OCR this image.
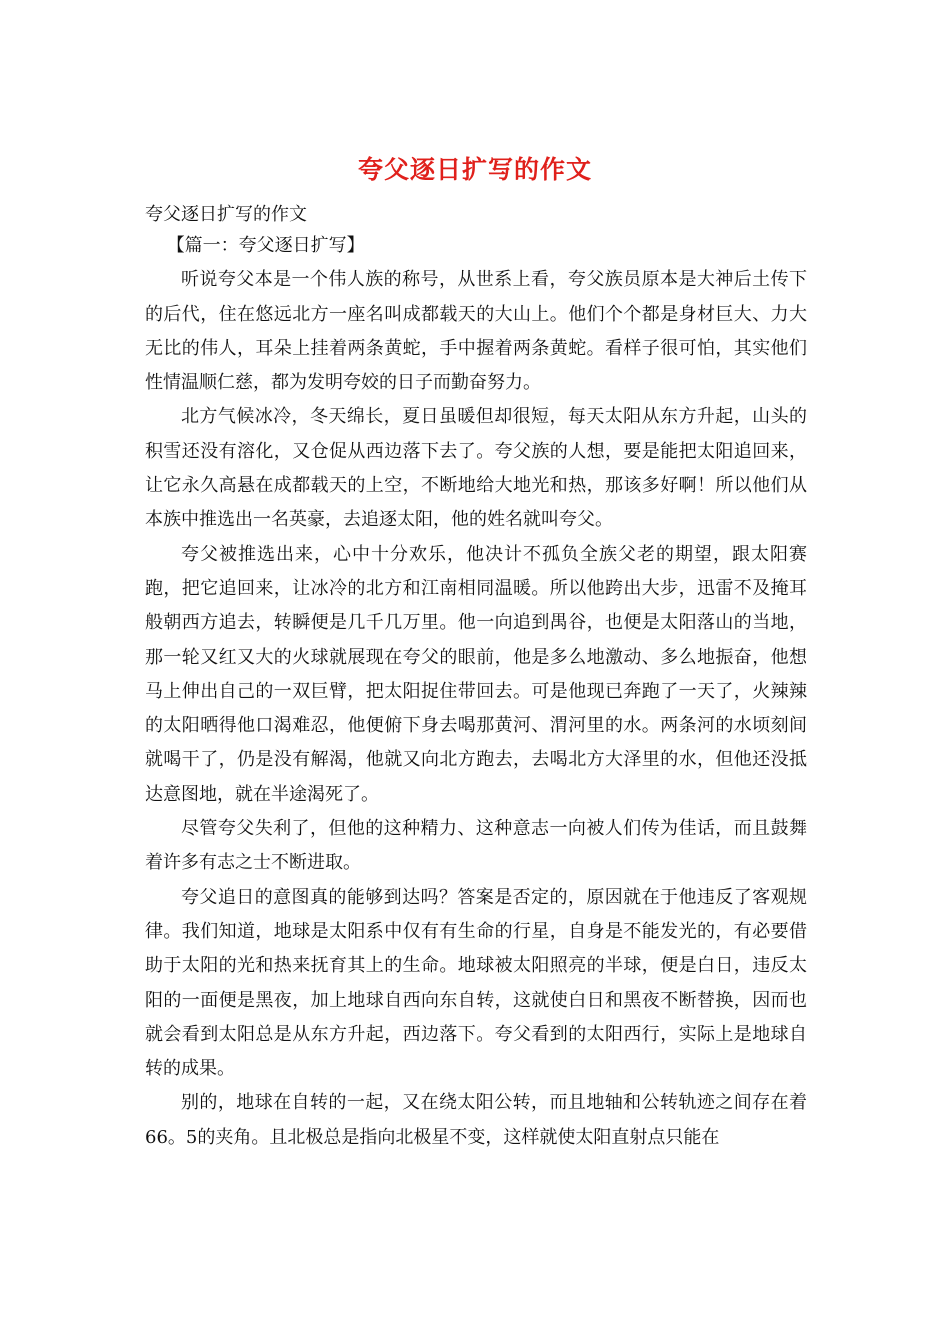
夸父逐日扩写的作文
夸父逐日扩写的作文

【篇一：夸父逐日扩写】

听说夸父本是一个伟人族的称号，从世系上看，夸父族员原本是大神后土传下的后代，住在悠远北方一座名叫成都载天的大山上。他们个个都是身材巨大、力大无比的伟人，耳朵上挂着两条黄蛇，手中握着两条黄蛇。看样子很可怕，其实他们性情温顺仁慈，都为发明夸姣的日子而勤奋努力。

北方气候冰冷，冬天绵长，夏日虽暖但却很短，每天太阳从东方升起，山头的积雪还没有溶化，又仓促从西边落下去了。夸父族的人想，要是能把太阳追回来，让它永久高悬在成都载天的上空，不断地给大地光和热，那该多好啊！所以他们从本族中推选出一名英豪，去追逐太阳，他的姓名就叫夸父。

夸父被推选出来，心中十分欢乐，他决计不孤负全族父老的期望，跟太阳赛跑，把它追回来，让冰冷的北方和江南相同温暖。所以他跨出大步，迅雷不及掩耳般朝西方追去，转瞬便是几千几万里。他一向追到禺谷，也便是太阳落山的当地，那一轮又红又大的火球就展现在夸父的眼前，他是多么地激动、多么地振奋，他想马上伸出自己的一双巨臂，把太阳捉住带回去。可是他现已奔跑了一天了，火辣辣的太阳晒得他口渴难忍，他便俯下身去喝那黄河、渭河里的水。两条河的水顷刻间就喝干了，仍是没有解渴，他就又向北方跑去，去喝北方大泽里的水，但他还没抵达意图地，就在半途渴死了。

尽管夸父失利了，但他的这种精力、这种意志一向被人们传为佳话，而且鼓舞着许多有志之士不断进取。

夸父追日的意图真的能够到达吗？答案是否定的，原因就在于他违反了客观规律。我们知道，地球是太阳系中仅有有生命的行星，自身是不能发光的，有必要借助于太阳的光和热来抚育其上的生命。地球被太阳照亮的半球，便是白日，违反太阳的一面便是黑夜，加上地球自西向东自转，这就使白日和黑夜不断替换，因而也就会看到太阳总是从东方升起，西边落下。夸父看到的太阳西行，实际上是地球自转的成果。

别的，地球在自转的一起，又在绕太阳公转，而且地轴和公转轨迹之间存在着66。5的夹角。且北极总是指向北极星不变，这样就使太阳直射点只能在
